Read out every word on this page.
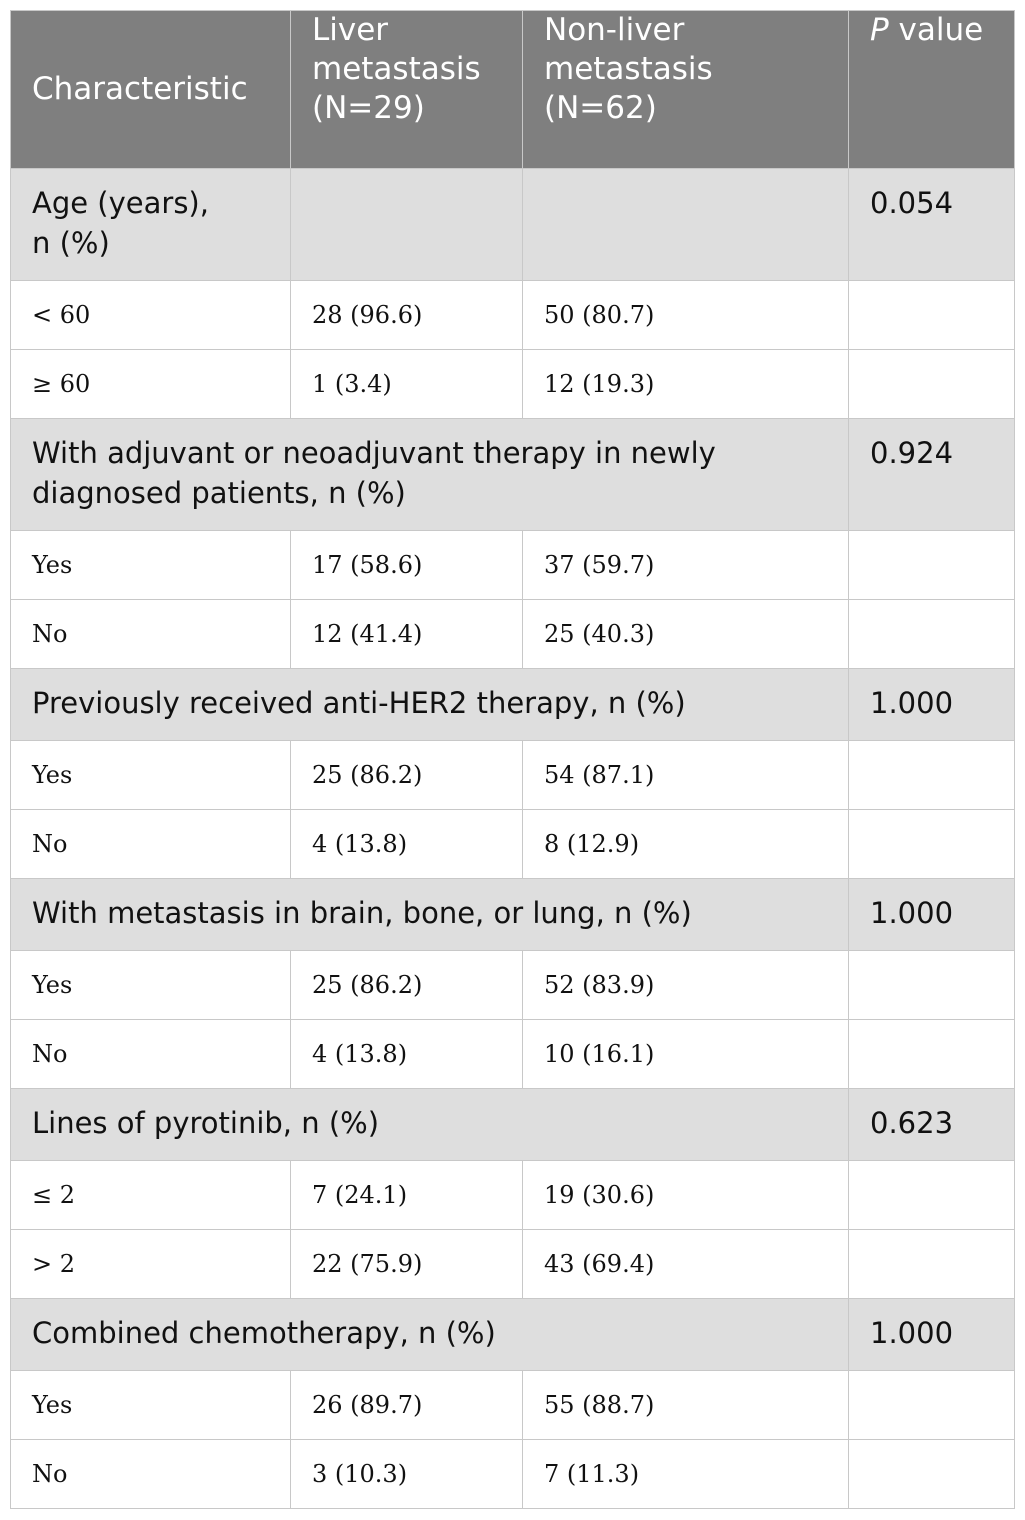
Characteristic	Liver
metastasis
(N=29)	Non-liver
metastasis
(N=62)	P value
Age (years),
n (%)			0.054
< 60	28 (96.6)	50 (80.7)	
≥ 60	1 (3.4)	12 (19.3)	
With adjuvant or neoadjuvant therapy in newly
diagnosed patients, n (%)			0.924
Yes	17 (58.6)	37 (59.7)	
No	12 (41.4)	25 (40.3)	
Previously received anti-HER2 therapy, n (%)			1.000
Yes	25 (86.2)	54 (87.1)	
No	4 (13.8)	8 (12.9)	
With metastasis in brain, bone, or lung, n (%)			1.000
Yes	25 (86.2)	52 (83.9)	
No	4 (13.8)	10 (16.1)	
Lines of pyrotinib, n (%)			0.623
≤ 2	7 (24.1)	19 (30.6)	
> 2	22 (75.9)	43 (69.4)	
Combined chemotherapy, n (%)			1.000
Yes	26 (89.7)	55 (88.7)	
No	3 (10.3)	7 (11.3)	
